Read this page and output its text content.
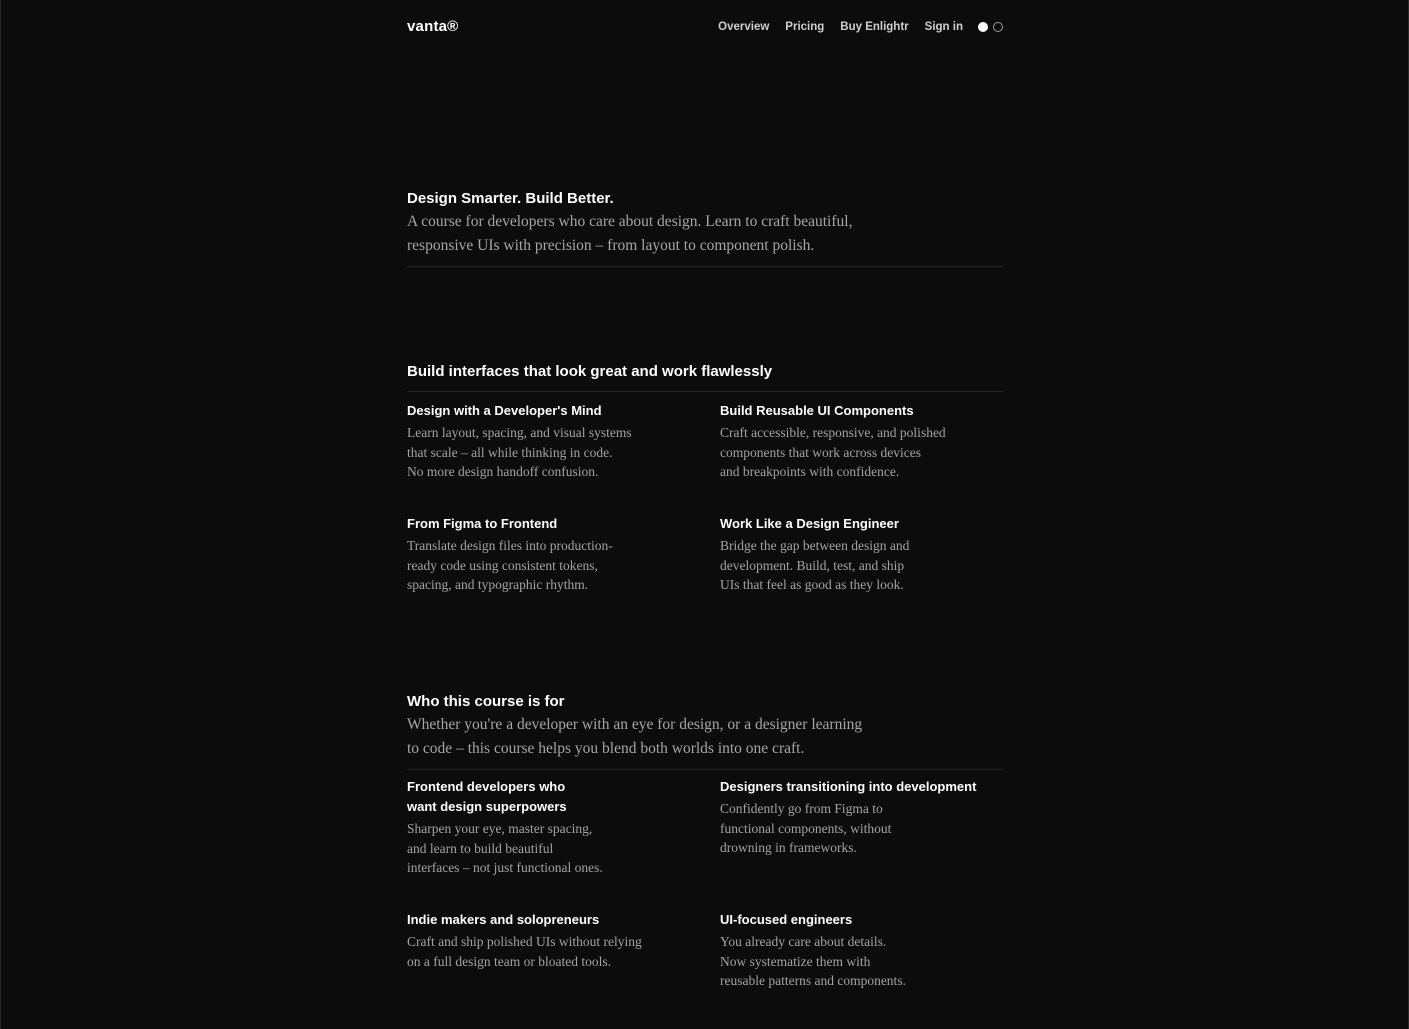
vanta®	Overview Pricing Buy Enlightr Sign in
Design Smarter. Build Better.
A course for developers who care about design. Learn to craft beautiful,
responsive UIs with precision – from layout to component polish.
Build interfaces that look great and work flawlessly
Design with a Developer's Mind
Learn layout, spacing, and visual systems
that scale – all while thinking in code.
No more design handoff confusion.
Build Reusable UI Components
Craft accessible, responsive, and polished
components that work across devices
and breakpoints with confidence.
From Figma to Frontend
Translate design files into production-
ready code using consistent tokens,
spacing, and typographic rhythm.
Work Like a Design Engineer
Bridge the gap between design and
development. Build, test, and ship
UIs that feel as good as they look.
Who this course is for
Whether you're a developer with an eye for design, or a designer learning
to code – this course helps you blend both worlds into one craft.
Frontend developers who
want design superpowers
Sharpen your eye, master spacing,
and learn to build beautiful
interfaces – not just functional ones.
Designers transitioning into development
Confidently go from Figma to
functional components, without
drowning in frameworks.
Indie makers and solopreneurs
Craft and ship polished UIs without relying
on a full design team or bloated tools.
UI-focused engineers
You already care about details.
Now systematize them with
reusable patterns and components.
